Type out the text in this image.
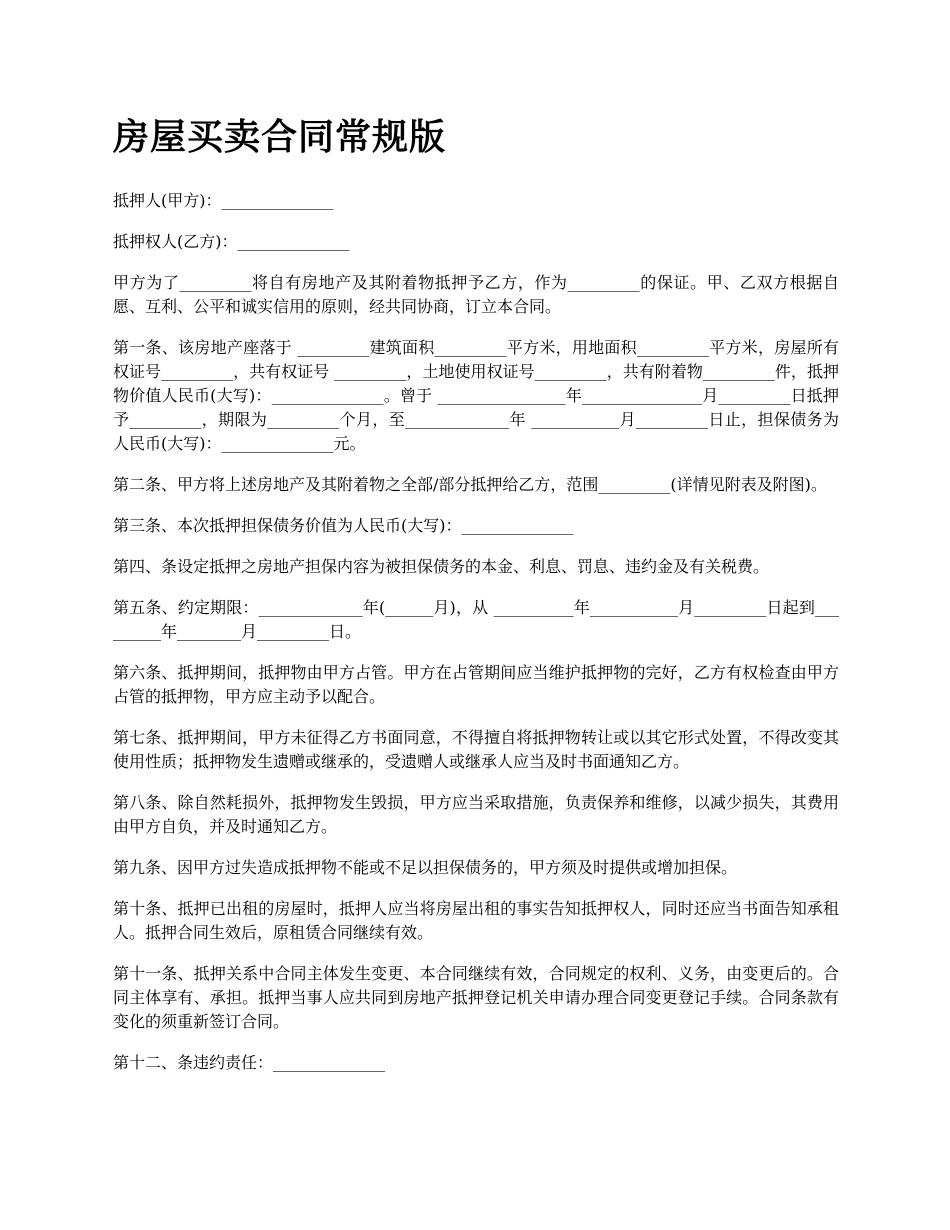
房屋买卖合同常规版

抵押人(甲方)：______________

抵押权人(乙方)：______________

甲方为了_________将自有房地产及其附着物抵押予乙方，作为_________的保证。甲、乙双方根据自愿、互利、公平和诚实信用的原则，经共同协商，订立本合同。

第一条、该房地产座落于 _________建筑面积_________平方米，用地面积_________平方米，房屋所有权证号_________，共有权证号 _________，土地使用权证号_________，共有附着物_________件，抵押物价值人民币(大写)：______________。曾于 ________________年_______________月_________日抵押予_________，期限为_________个月，至_____________年 ___________月_________日止，担保债务为人民币(大写)：______________元。

第二条、甲方将上述房地产及其附着物之全部/部分抵押给乙方，范围_________(详情见附表及附图)。

第三条、本次抵押担保债务价值为人民币(大写)：______________

第四、条设定抵押之房地产担保内容为被担保债务的本金、利息、罚息、违约金及有关税费。

第五条、约定期限：_____________年(______月)，从 __________年___________月_________日起到_________年________月_________日。

第六条、抵押期间，抵押物由甲方占管。甲方在占管期间应当维护抵押物的完好，乙方有权检查由甲方占管的抵押物，甲方应主动予以配合。

第七条、抵押期间，甲方未征得乙方书面同意，不得擅自将抵押物转让或以其它形式处置，不得改变其使用性质；抵押物发生遗赠或继承的，受遗赠人或继承人应当及时书面通知乙方。

第八条、除自然耗损外，抵押物发生毁损，甲方应当采取措施，负责保养和维修，以减少损失，其费用由甲方自负，并及时通知乙方。

第九条、因甲方过失造成抵押物不能或不足以担保债务的，甲方须及时提供或增加担保。

第十条、抵押已出租的房屋时，抵押人应当将房屋出租的事实告知抵押权人，同时还应当书面告知承租人。抵押合同生效后，原租赁合同继续有效。

第十一条、抵押关系中合同主体发生变更、本合同继续有效，合同规定的权利、义务，由变更后的。合同主体享有、承担。抵押当事人应共同到房地产抵押登记机关申请办理合同变更登记手续。合同条款有变化的须重新签订合同。

第十二、条违约责任：______________
